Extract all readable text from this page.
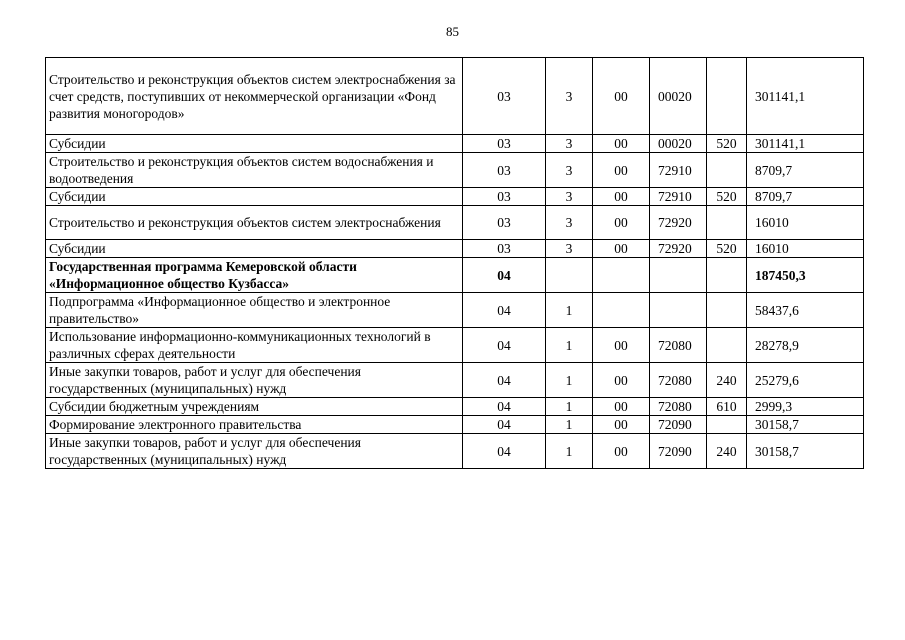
85
Строительство и реконструкция объектов систем электроснабжения за счет средств, поступивших от некоммерческой организации «Фонд развития моногородов»	03	3	00	00020		301141,1
Субсидии	03	3	00	00020	520	301141,1
Строительство и реконструкция объектов систем водоснабжения и водоотведения	03	3	00	72910		8709,7
Субсидии	03	3	00	72910	520	8709,7
Строительство и реконструкция объектов систем электроснабжения	03	3	00	72920		16010
Субсидии	03	3	00	72920	520	16010
Государственная программа Кемеровской области «Информационное общество Кузбасса»	04					187450,3
Подпрограмма «Информационное общество и электронное правительство»	04	1				58437,6
Использование информационно-коммуникационных технологий в различных сферах деятельности	04	1	00	72080		28278,9
Иные закупки товаров, работ и услуг для обеспечения государственных (муниципальных) нужд	04	1	00	72080	240	25279,6
Субсидии бюджетным учреждениям	04	1	00	72080	610	2999,3
Формирование электронного правительства	04	1	00	72090		30158,7
Иные закупки товаров, работ и услуг для обеспечения государственных (муниципальных) нужд	04	1	00	72090	240	30158,7
